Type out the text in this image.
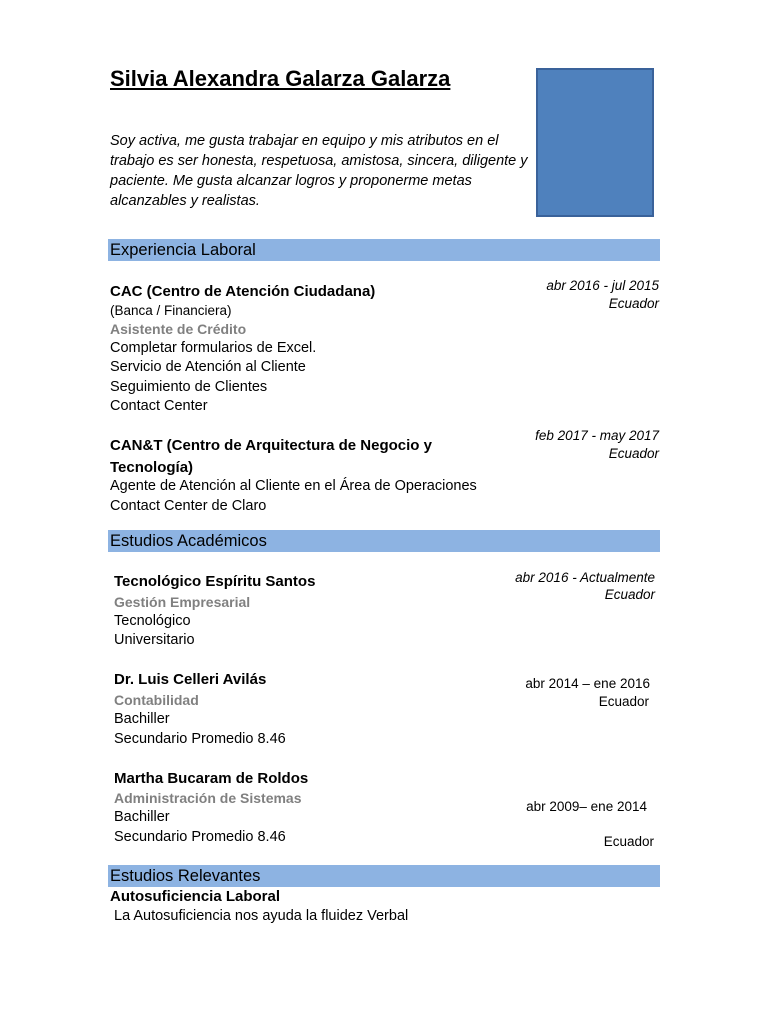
Silvia Alexandra Galarza Galarza
Soy activa, me gusta trabajar en equipo y mis atributos en el trabajo es ser honesta, respetuosa, amistosa, sincera, diligente y paciente. Me gusta alcanzar logros y proponerme metas alcanzables y realistas.
Experiencia Laboral
CAC (Centro de Atención Ciudadana)
(Banca / Financiera)
Asistente de Crédito
Completar formularios de Excel.
Servicio de Atención al Cliente
Seguimiento de Clientes
Contact Center
abr 2016 - jul 2015
Ecuador
CAN&T (Centro de Arquitectura de Negocio y
Tecnología)
Agente de Atención al Cliente en el Área de Operaciones
Contact Center de Claro
feb 2017 - may 2017
Ecuador
Estudios Académicos
Tecnológico Espíritu Santos
Gestión Empresarial
Tecnológico
Universitario
abr 2016 - Actualmente
Ecuador
Dr. Luis Celleri Avilás
Contabilidad
Bachiller
Secundario Promedio 8.46
abr 2014 – ene 2016
Ecuador
Martha Bucaram de Roldos
Administración de Sistemas
Bachiller
Secundario Promedio 8.46
abr 2009– ene 2014
Ecuador
Estudios Relevantes
Autosuficiencia Laboral
La Autosuficiencia nos ayuda la fluidez Verbal
